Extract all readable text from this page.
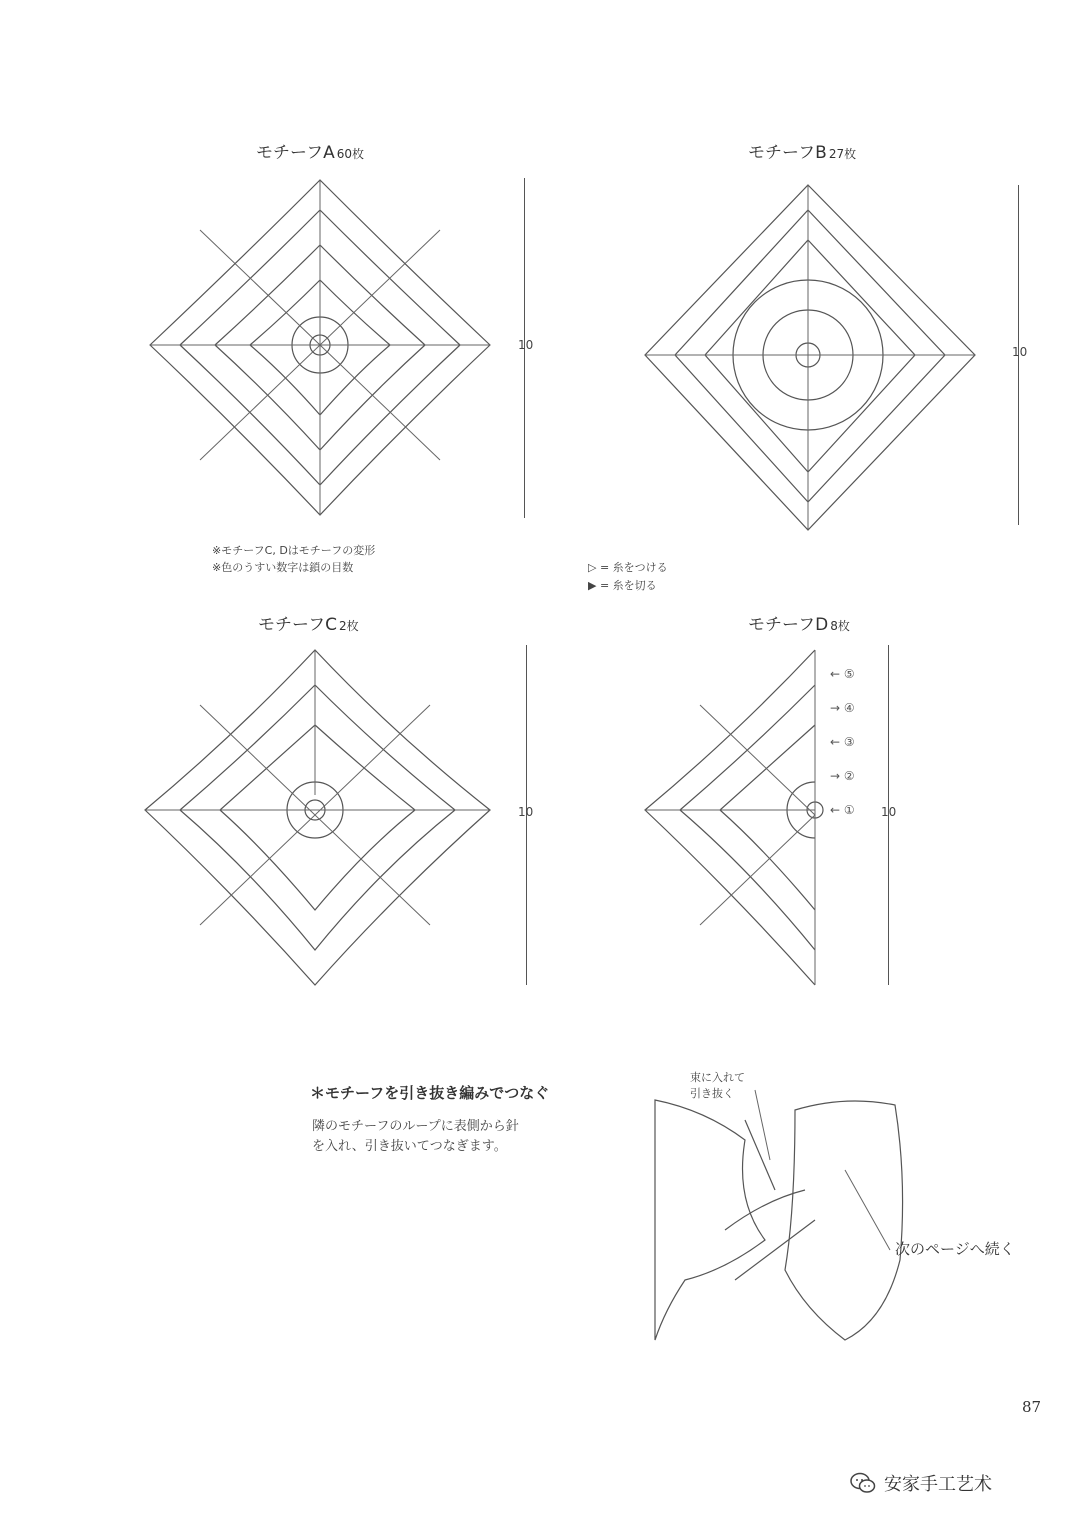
モチーフA 60枚
10
モチーフB 27枚
10
※モチーフC, Dはモチーフの変形
※色のうすい数字は鎖の目数	▷ = 糸をつける
▶ = 糸を切る
モチーフC 2枚
10
モチーフD 8枚
← ⑤
→ ④
← ③
→ ②
← ① 10
＊モチーフを引き抜き編みでつなぐ
隣のモチーフのループに表側から針
を入れ、引き抜いてつなぎます。
束に入れて
引き抜く
次のページへ続く
87
安家手工艺术
